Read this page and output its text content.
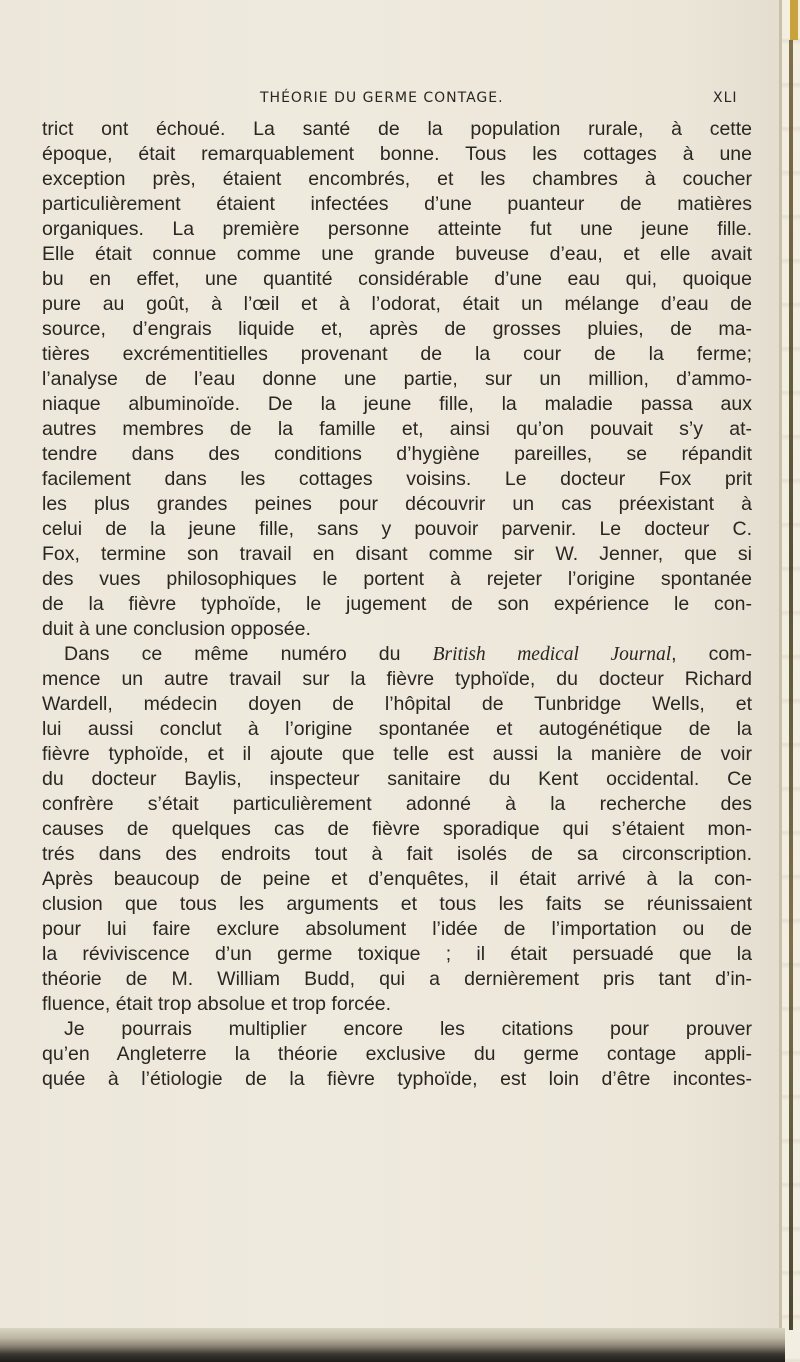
THÉORIE DU GERME CONTAGE.	XLI
trict ont échoué. La santé de la population rurale, à cette
époque, était remarquablement bonne. Tous les cottages à une
exception près, étaient encombrés, et les chambres à coucher
particulièrement étaient infectées d’une puanteur de matières
organiques. La première personne atteinte fut une jeune fille.
Elle était connue comme une grande buveuse d’eau, et elle avait
bu en effet, une quantité considérable d’une eau qui, quoique
pure au goût, à l’œil et à l’odorat, était un mélange d’eau de
source, d’engrais liquide et, après de grosses pluies, de ma-
tières excrémentitielles provenant de la cour de la ferme;
l’analyse de l’eau donne une partie, sur un million, d’ammo-
niaque albuminoïde. De la jeune fille, la maladie passa aux
autres membres de la famille et, ainsi qu’on pouvait s’y at-
tendre dans des conditions d’hygiène pareilles, se répandit
facilement dans les cottages voisins. Le docteur Fox prit
les plus grandes peines pour découvrir un cas préexistant à
celui de la jeune fille, sans y pouvoir parvenir. Le docteur C.
Fox, termine son travail en disant comme sir W. Jenner, que si
des vues philosophiques le portent à rejeter l’origine spontanée
de la fièvre typhoïde, le jugement de son expérience le con-
duit à une conclusion opposée.
Dans ce même numéro du British medical Journal, com-
mence un autre travail sur la fièvre typhoïde, du docteur Richard
Wardell, médecin doyen de l’hôpital de Tunbridge Wells, et
lui aussi conclut à l’origine spontanée et autogénétique de la
fièvre typhoïde, et il ajoute que telle est aussi la manière de voir
du docteur Baylis, inspecteur sanitaire du Kent occidental. Ce
confrère s’était particulièrement adonné à la recherche des
causes de quelques cas de fièvre sporadique qui s’étaient mon-
trés dans des endroits tout à fait isolés de sa circonscription.
Après beaucoup de peine et d’enquêtes, il était arrivé à la con-
clusion que tous les arguments et tous les faits se réunissaient
pour lui faire exclure absolument l’idée de l’importation ou de
la réviviscence d’un germe toxique ; il était persuadé que la
théorie de M. William Budd, qui a dernièrement pris tant d’in-
fluence, était trop absolue et trop forcée.
Je pourrais multiplier encore les citations pour prouver
qu’en Angleterre la théorie exclusive du germe contage appli-
quée à l’étiologie de la fièvre typhoïde, est loin d’être incontes-
